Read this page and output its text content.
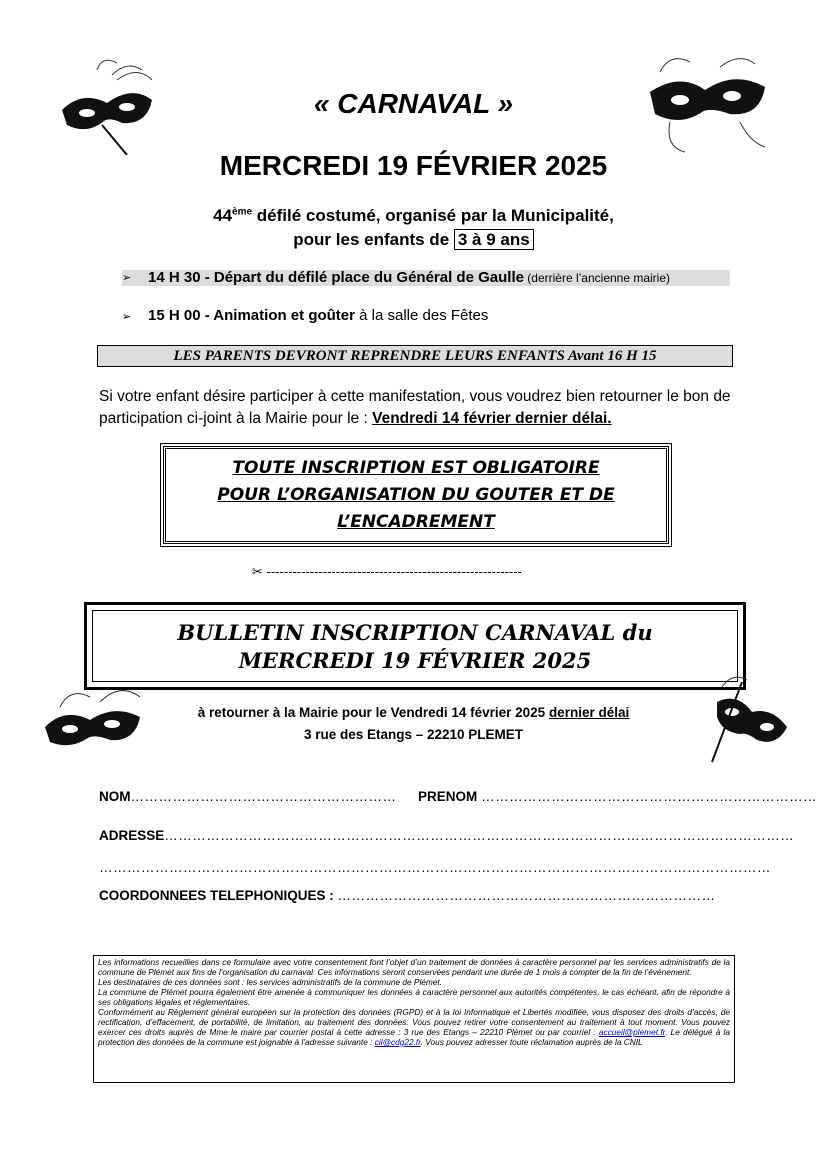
« CARNAVAL »
MERCREDI 19 FÉVRIER 2025
44ème défilé costumé, organisé par la Municipalité,
pour les enfants de 3 à 9 ans
➢ 14 H 30 - Départ du défilé place du Général de Gaulle (derrière l’ancienne mairie)
➢ 15 H 00 - Animation et goûter à la salle des Fêtes
LES PARENTS DEVRONT REPRENDRE LEURS ENFANTS Avant 16 H 15
Si votre enfant désire participer à cette manifestation, vous voudrez bien retourner le bon de participation ci-joint à la Mairie pour le : Vendredi 14 février dernier délai.
TOUTE INSCRIPTION EST OBLIGATOIRE
POUR L’ORGANISATION DU GOUTER ET DE
L’ENCADREMENT
✂ -----------------------------------------------------------
BULLETIN INSCRIPTION CARNAVAL du
MERCREDI 19 FÉVRIER 2025
à retourner à la Mairie pour le Vendredi 14 février 2025 dernier délai
3 rue des Etangs – 22210 PLEMET
NOM………………………………………………… PRENOM ………………………………………………………………
ADRESSE………………………………………………………………………………………………………………………
………………………………………………………………………………………………………………………………
COORDONNEES TELEPHONIQUES : ………………………………………………………………………
Les informations recueillies dans ce formulaire avec votre consentement font l’objet d’un traitement de données à caractère personnel par les services administratifs de la commune de Plémet aux fins de l’organisation du carnaval. Ces informations seront conservées pendant une durée de 1 mois à compter de la fin de l’événement.
Les destinataires de ces données sont : les services administratifs de la commune de Plémet.
La commune de Plémet pourra également être amenée à communiquer les données à caractère personnel aux autorités compétentes, le cas échéant, afin de répondre à ses obligations légales et réglementaires.
Conformément au Règlement général européen sur la protection des données (RGPD) et à la loi Informatique et Libertés modifiée, vous disposez des droits d’accès, de rectification, d’effacement, de portabilité, de limitation, au traitement des données. Vous pouvez retirer votre consentement au traitement à tout moment. Vous pouvez exercer ces droits auprès de Mme le maire par courrier postal à cette adresse : 3 rue des Etangs – 22210 Plémet ou par courriel : accueil@plemet.fr. Le délégué à la protection des données de la commune est joignable à l’adresse suivante : cil@cdg22.fr. Vous pouvez adresser toute réclamation auprès de la CNIL
